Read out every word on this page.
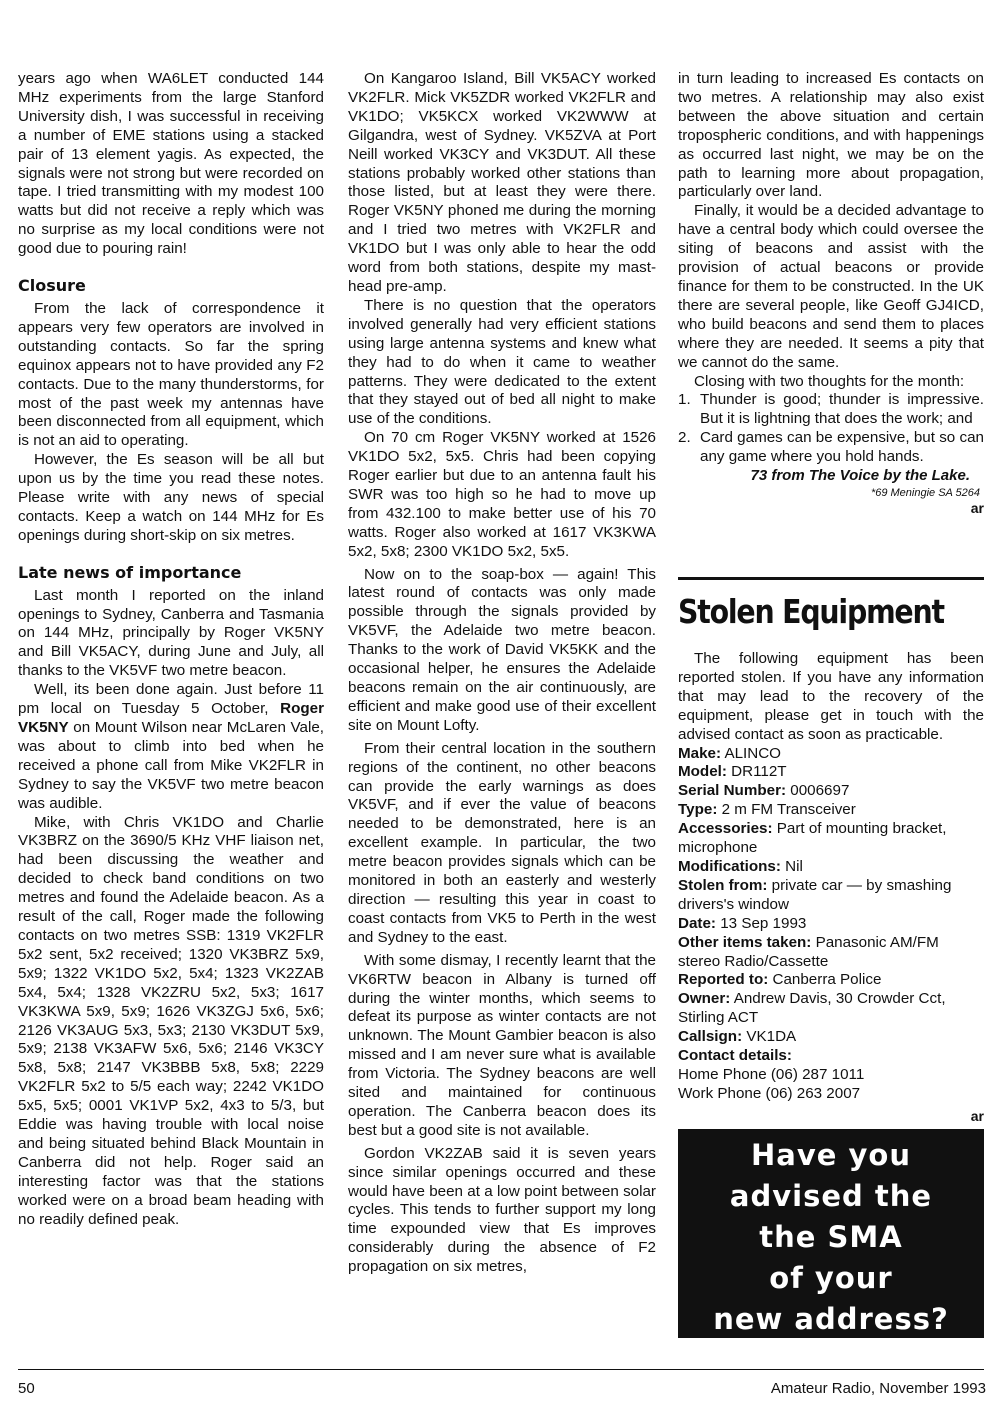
years ago when WA6LET conducted 144 MHz experiments from the large Stanford University dish, I was successful in receiving a number of EME stations using a stacked pair of 13 element yagis. As expected, the signals were not strong but were recorded on tape. I tried transmitting with my modest 100 watts but did not receive a reply which was no surprise as my local conditions were not good due to pouring rain!

Closure

From the lack of correspondence it appears very few operators are involved in outstanding contacts. So far the spring equinox appears not to have provided any F2 contacts. Due to the many thunderstorms, for most of the past week my antennas have been disconnected from all equipment, which is not an aid to operating.

However, the Es season will be all but upon us by the time you read these notes. Please write with any news of special contacts. Keep a watch on 144 MHz for Es openings during short-skip on six metres.

Late news of importance

Last month I reported on the inland openings to Sydney, Canberra and Tasmania on 144 MHz, principally by Roger VK5NY and Bill VK5ACY, during June and July, all thanks to the VK5VF two metre beacon.

Well, its been done again. Just before 11 pm local on Tuesday 5 October, Roger VK5NY on Mount Wilson near McLaren Vale, was about to climb into bed when he received a phone call from Mike VK2FLR in Sydney to say the VK5VF two metre beacon was audible.

Mike, with Chris VK1DO and Charlie VK3BRZ on the 3690/5 KHz VHF liaison net, had been discussing the weather and decided to check band conditions on two metres and found the Adelaide beacon. As a result of the call, Roger made the following contacts on two metres SSB: 1319 VK2FLR 5x2 sent, 5x2 received; 1320 VK3BRZ 5x9, 5x9; 1322 VK1DO 5x2, 5x4; 1323 VK2ZAB 5x4, 5x4; 1328 VK2ZRU 5x2, 5x3; 1617 VK3KWA 5x9, 5x9; 1626 VK3ZGJ 5x6, 5x6; 2126 VK3AUG 5x3, 5x3; 2130 VK3DUT 5x9, 5x9; 2138 VK3AFW 5x6, 5x6; 2146 VK3CY 5x8, 5x8; 2147 VK3BBB 5x8, 5x8; 2229 VK2FLR 5x2 to 5/5 each way; 2242 VK1DO 5x5, 5x5; 0001 VK1VP 5x2, 4x3 to 5/3, but Eddie was having trouble with local noise and being situated behind Black Mountain in Canberra did not help. Roger said an interesting factor was that the stations worked were on a broad beam heading with no readily defined peak.

On Kangaroo Island, Bill VK5ACY worked VK2FLR. Mick VK5ZDR worked VK2FLR and VK1DO; VK5KCX worked VK2WWW at Gilgandra, west of Sydney. VK5ZVA at Port Neill worked VK3CY and VK3DUT. All these stations probably worked other stations than those listed, but at least they were there. Roger VK5NY phoned me during the morning and I tried two metres with VK2FLR and VK1DO but I was only able to hear the odd word from both stations, despite my mast-head pre-amp.

There is no question that the operators involved generally had very efficient stations using large antenna systems and knew what they had to do when it came to weather patterns. They were dedicated to the extent that they stayed out of bed all night to make use of the conditions.

On 70 cm Roger VK5NY worked at 1526 VK1DO 5x2, 5x5. Chris had been copying Roger earlier but due to an antenna fault his SWR was too high so he had to move up from 432.100 to make better use of his 70 watts. Roger also worked at 1617 VK3KWA 5x2, 5x8; 2300 VK1DO 5x2, 5x5.

Now on to the soap-box — again! This latest round of contacts was only made possible through the signals provided by VK5VF, the Adelaide two metre beacon. Thanks to the work of David VK5KK and the occasional helper, he ensures the Adelaide beacons remain on the air continuously, are efficient and make good use of their excellent site on Mount Lofty.

From their central location in the southern regions of the continent, no other beacons can provide the early warnings as does VK5VF, and if ever the value of beacons needed to be demonstrated, here is an excellent example. In particular, the two metre beacon provides signals which can be monitored in both an easterly and westerly direction — resulting this year in coast to coast contacts from VK5 to Perth in the west and Sydney to the east.

With some dismay, I recently learnt that the VK6RTW beacon in Albany is turned off during the winter months, which seems to defeat its purpose as winter contacts are not unknown. The Mount Gambier beacon is also missed and I am never sure what is available from Victoria. The Sydney beacons are well sited and maintained for continuous operation. The Canberra beacon does its best but a good site is not available.

Gordon VK2ZAB said it is seven years since similar openings occurred and these would have been at a low point between solar cycles. This tends to further support my long time expounded view that Es improves considerably during the absence of F2 propagation on six metres,

in turn leading to increased Es contacts on two metres. A relationship may also exist between the above situation and certain tropospheric conditions, and with happenings as occurred last night, we may be on the path to learning more about propagation, particularly over land.

Finally, it would be a decided advantage to have a central body which could oversee the siting of beacons and assist with the provision of actual beacons or provide finance for them to be constructed. In the UK there are several people, like Geoff GJ4ICD, who build beacons and send them to places where they are needed. It seems a pity that we cannot do the same.

Closing with two thoughts for the month:

1. Thunder is good; thunder is impressive. But it is lightning that does the work; and
2. Card games can be expensive, but so can any game where you hold hands.
73 from The Voice by the Lake.
*69 Meningie SA 5264
ar
Stolen Equipment

The following equipment has been reported stolen. If you have any information that may lead to the recovery of the equipment, please get in touch with the advised contact as soon as practicable.

Make: ALINCO

Model: DR112T

Serial Number: 0006697

Type: 2 m FM Transceiver

Accessories: Part of mounting bracket, microphone

Modifications: Nil

Stolen from: private car — by smashing drivers's window

Date: 13 Sep 1993

Other items taken: Panasonic AM/FM stereo Radio/Cassette

Reported to: Canberra Police

Owner: Andrew Davis, 30 Crowder Cct, Stirling ACT

Callsign: VK1DA

Contact details:

Home Phone (06) 287 1011

Work Phone (06) 263 2007

ar
Have you
advised the
the SMA
of your
new address?
50	Amateur Radio, November 1993
